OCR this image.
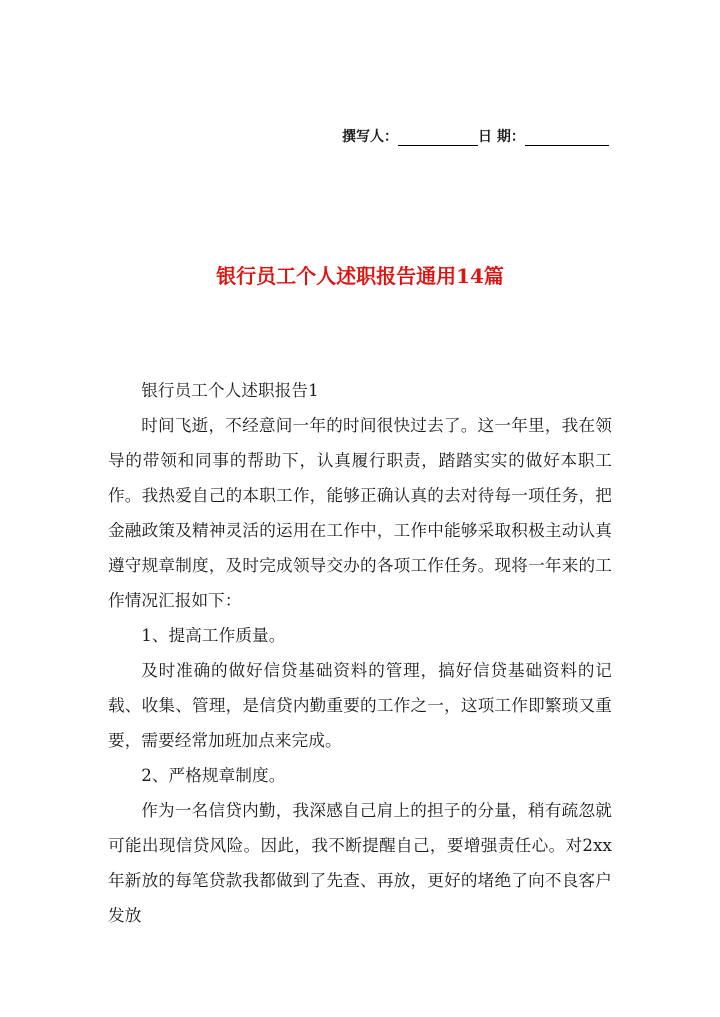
撰写人：	日 期：
银行员工个人述职报告通用14篇

银行员工个人述职报告1

时间飞逝，不经意间一年的时间很快过去了。这一年里，我在领导的带领和同事的帮助下，认真履行职责，踏踏实实的做好本职工作。我热爱自己的本职工作，能够正确认真的去对待每一项任务，把金融政策及精神灵活的运用在工作中，工作中能够采取积极主动认真遵守规章制度，及时完成领导交办的各项工作任务。现将一年来的工作情况汇报如下：

1、提高工作质量。

及时准确的做好信贷基础资料的管理，搞好信贷基础资料的记载、收集、管理，是信贷内勤重要的工作之一，这项工作即繁琐又重要，需要经常加班加点来完成。

2、严格规章制度。

作为一名信贷内勤，我深感自己肩上的担子的分量，稍有疏忽就可能出现信贷风险。因此，我不断提醒自己，要增强责任心。对2xx年新放的每笔贷款我都做到了先查、再放，更好的堵绝了向不良客户发放
